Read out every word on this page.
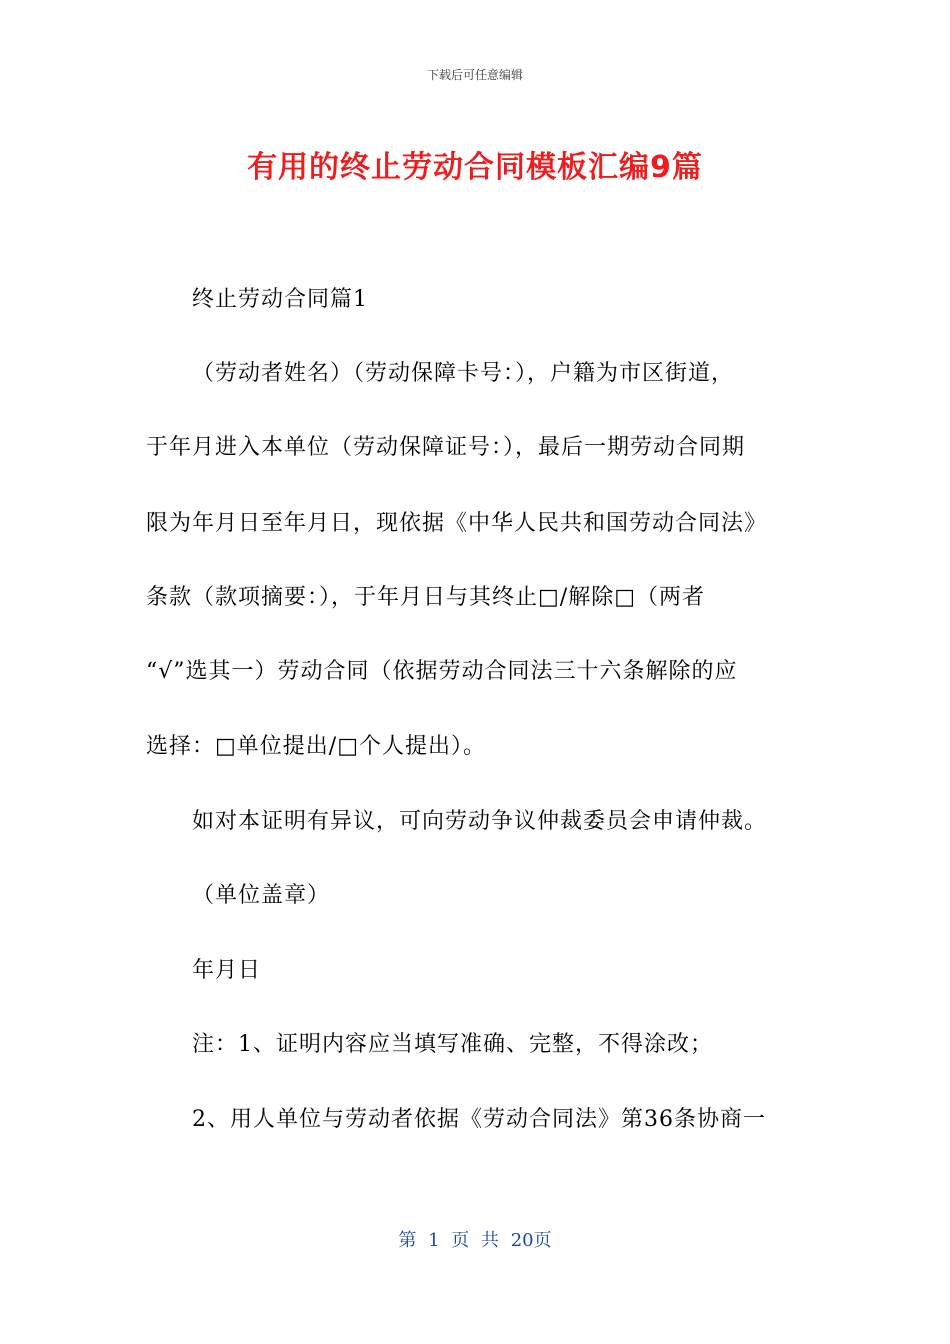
下载后可任意编辑
有用的终止劳动合同模板汇编9篇
终止劳动合同篇1
（劳动者姓名）（劳动保障卡号：），户籍为市区街道，
于年月进入本单位（劳动保障证号：），最后一期劳动合同期
限为年月日至年月日，现依据《中华人民共和国劳动合同法》
条款（款项摘要：），于年月日与其终止□/解除□（两者
“√”选其一）劳动合同（依据劳动合同法三十六条解除的应
选择：□单位提出/□个人提出）。
如对本证明有异议，可向劳动争议仲裁委员会申请仲裁。
（单位盖章）
年月日
注：1、证明内容应当填写准确、完整，不得涂改；
2、用人单位与劳动者依据《劳动合同法》第36条协商一
第 1 页 共 20页
